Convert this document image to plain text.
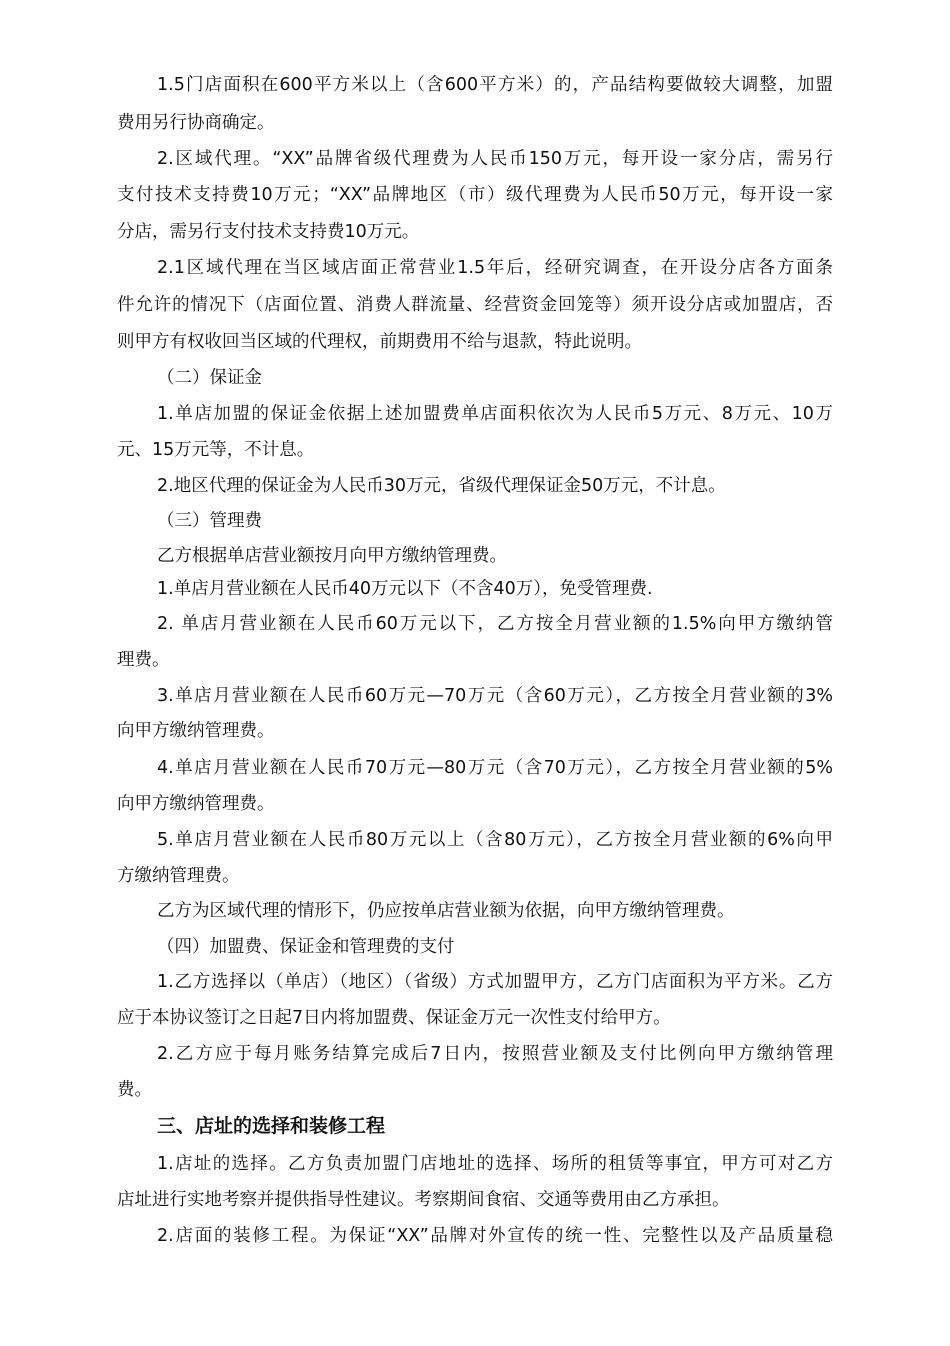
1.5门店面积在600平方米以上（含600平方米）的，产品结构要做较大调整，加盟
费用另行协商确定。
2.区域代理。“XX”品牌省级代理费为人民币150万元，每开设一家分店，需另行
支付技术支持费10万元；“XX”品牌地区（市）级代理费为人民币50万元，每开设一家
分店，需另行支付技术支持费10万元。
2.1区域代理在当区域店面正常营业1.5年后，经研究调查，在开设分店各方面条
件允许的情况下（店面位置、消费人群流量、经营资金回笼等）须开设分店或加盟店，否
则甲方有权收回当区域的代理权，前期费用不给与退款，特此说明。
（二）保证金
1.单店加盟的保证金依据上述加盟费单店面积依次为人民币5万元、8万元、10万
元、15万元等，不计息。
2.地区代理的保证金为人民币30万元，省级代理保证金50万元，不计息。
（三）管理费
乙方根据单店营业额按月向甲方缴纳管理费。
1.单店月营业额在人民币40万元以下（不含40万），免受管理费.
2. 单店月营业额在人民币60万元以下，乙方按全月营业额的1.5%向甲方缴纳管
理费。
3.单店月营业额在人民币60万元—70万元（含60万元），乙方按全月营业额的3%
向甲方缴纳管理费。
4.单店月营业额在人民币70万元—80万元（含70万元），乙方按全月营业额的5%
向甲方缴纳管理费。
5.单店月营业额在人民币80万元以上（含80万元），乙方按全月营业额的6%向甲
方缴纳管理费。
乙方为区域代理的情形下，仍应按单店营业额为依据，向甲方缴纳管理费。
（四）加盟费、保证金和管理费的支付
1.乙方选择以（单店）（地区）（省级）方式加盟甲方，乙方门店面积为平方米。乙方
应于本协议签订之日起7日内将加盟费、保证金万元一次性支付给甲方。
2.乙方应于每月账务结算完成后7日内，按照营业额及支付比例向甲方缴纳管理
费。
三、店址的选择和装修工程
1.店址的选择。乙方负责加盟门店地址的选择、场所的租赁等事宜，甲方可对乙方
店址进行实地考察并提供指导性建议。考察期间食宿、交通等费用由乙方承担。
2.店面的装修工程。为保证“XX”品牌对外宣传的统一性、完整性以及产品质量稳
